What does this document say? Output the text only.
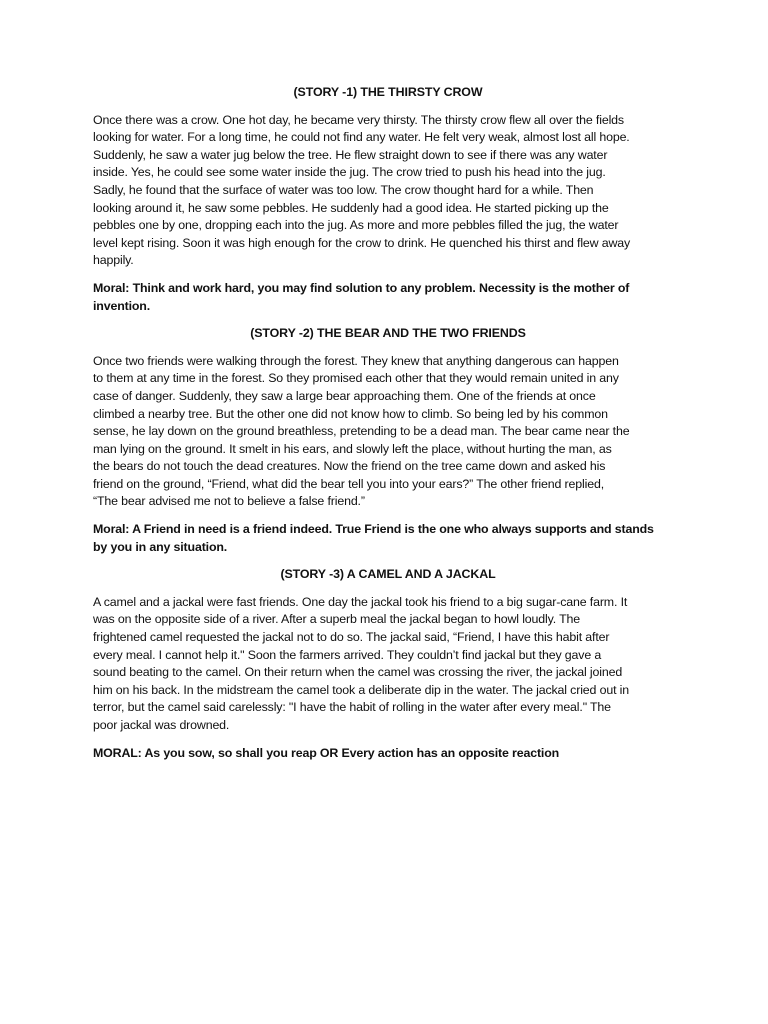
(STORY -1) THE THIRSTY CROW

Once there was a crow. One hot day, he became very thirsty. The thirsty crow flew all over the fields
looking for water. For a long time, he could not find any water. He felt very weak, almost lost all hope.
Suddenly, he saw a water jug below the tree. He flew straight down to see if there was any water
inside. Yes, he could see some water inside the jug. The crow tried to push his head into the jug.
Sadly, he found that the surface of water was too low. The crow thought hard for a while. Then
looking around it, he saw some pebbles. He suddenly had a good idea. He started picking up the
pebbles one by one, dropping each into the jug. As more and more pebbles filled the jug, the water
level kept rising. Soon it was high enough for the crow to drink. He quenched his thirst and flew away
happily.

Moral: Think and work hard, you may find solution to any problem. Necessity is the mother of
invention.

(STORY -2) THE BEAR AND THE TWO FRIENDS

Once two friends were walking through the forest. They knew that anything dangerous can happen
to them at any time in the forest. So they promised each other that they would remain united in any
case of danger. Suddenly, they saw a large bear approaching them. One of the friends at once
climbed a nearby tree. But the other one did not know how to climb. So being led by his common
sense, he lay down on the ground breathless, pretending to be a dead man. The bear came near the
man lying on the ground. It smelt in his ears, and slowly left the place, without hurting the man, as
the bears do not touch the dead creatures. Now the friend on the tree came down and asked his
friend on the ground, “Friend, what did the bear tell you into your ears?” The other friend replied,
“The bear advised me not to believe a false friend.”

Moral: A Friend in need is a friend indeed. True Friend is the one who always supports and stands
by you in any situation.

(STORY -3) A CAMEL AND A JACKAL

A camel and a jackal were fast friends. One day the jackal took his friend to a big sugar-cane farm. It
was on the opposite side of a river. After a superb meal the jackal began to howl loudly. The
frightened camel requested the jackal not to do so. The jackal said, “Friend, I have this habit after
every meal. I cannot help it." Soon the farmers arrived. They couldn’t find jackal but they gave a
sound beating to the camel. On their return when the camel was crossing the river, the jackal joined
him on his back. In the midstream the camel took a deliberate dip in the water. The jackal cried out in
terror, but the camel said carelessly: "I have the habit of rolling in the water after every meal." The
poor jackal was drowned.

MORAL: As you sow, so shall you reap OR Every action has an opposite reaction
